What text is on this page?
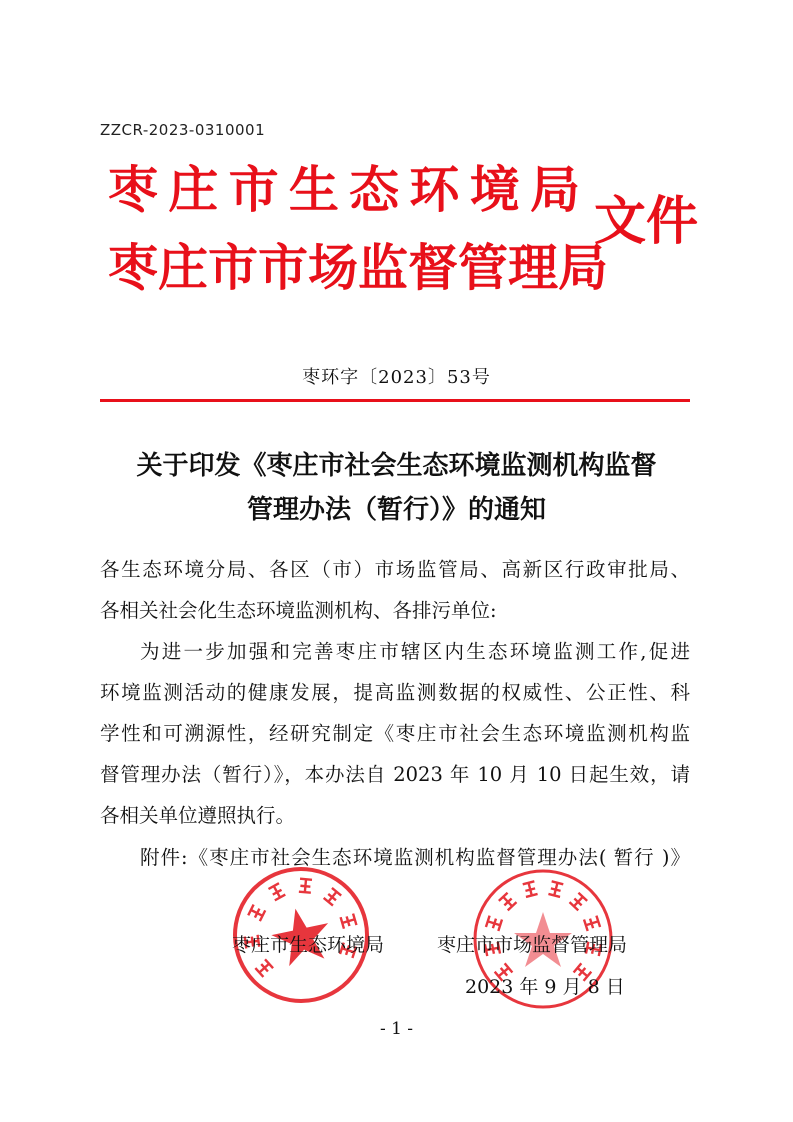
ZZCR-2023-0310001
枣庄市生态环境局
枣庄市市场监督管理局
文件
枣环字〔2023〕53号
关于印发《枣庄市社会生态环境监测机构监督
管理办法（暂行）》的通知
各生态环境分局、各区（市）市场监管局、高新区行政审批局、
各相关社会化生态环境监测机构、各排污单位:
为进一步加强和完善枣庄市辖区内生态环境监测工作,促进
环境监测活动的健康发展，提高监测数据的权威性、公正性、科
学性和可溯源性，经研究制定《枣庄市社会生态环境监测机构监
督管理办法（暂行）》，本办法自 2023 年 10 月 10 日起生效，请
各相关单位遵照执行。
附件:《枣庄市社会生态环境监测机构监督管理办法( 暂行 )》
枣庄市生态环境局	枣庄市市场监督管理局
2023 年 9 月 8 日
- 1 -
